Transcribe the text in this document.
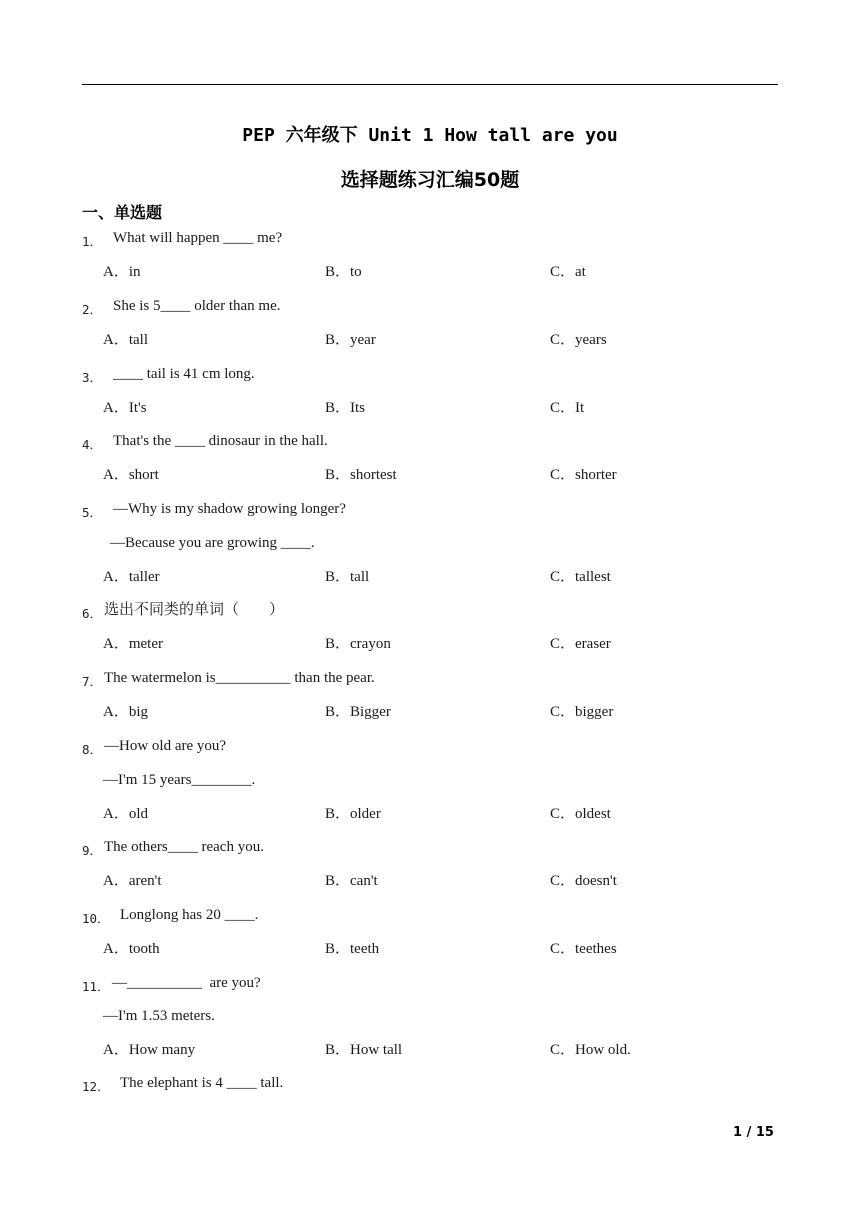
PEP 六年级下 Unit 1 How tall are you
选择题练习汇编50题
一、单选题
1． What will happen ____ me?
A．in	B．to	C．at
2． She is 5____ older than me.
A．tall	B．year	C．years
3． ____ tail is 41 cm long.
A．It's	B．Its	C．It
4． That's the ____ dinosaur in the hall.
A．short	B．shortest	C．shorter
5． —Why is my shadow growing longer?
—Because you are growing ____.
A．taller	B．tall	C．tallest
6． 选出不同类的单词（　　）
A．meter	B．crayon	C．eraser
7． The watermelon is__________ than the pear.
A．big	B．Bigger	C．bigger
8． —How old are you?
—I'm 15 years________.
A．old	B．older	C．oldest
9． The others____ reach you.
A．aren't	B．can't	C．doesn't
10． Longlong has 20 ____.
A．tooth	B．teeth	C．teethes
11． —__________  are you?
—I'm 1.53 meters.
A．How many	B．How tall	C．How old.
12． The elephant is 4 ____ tall.
1 / 15
